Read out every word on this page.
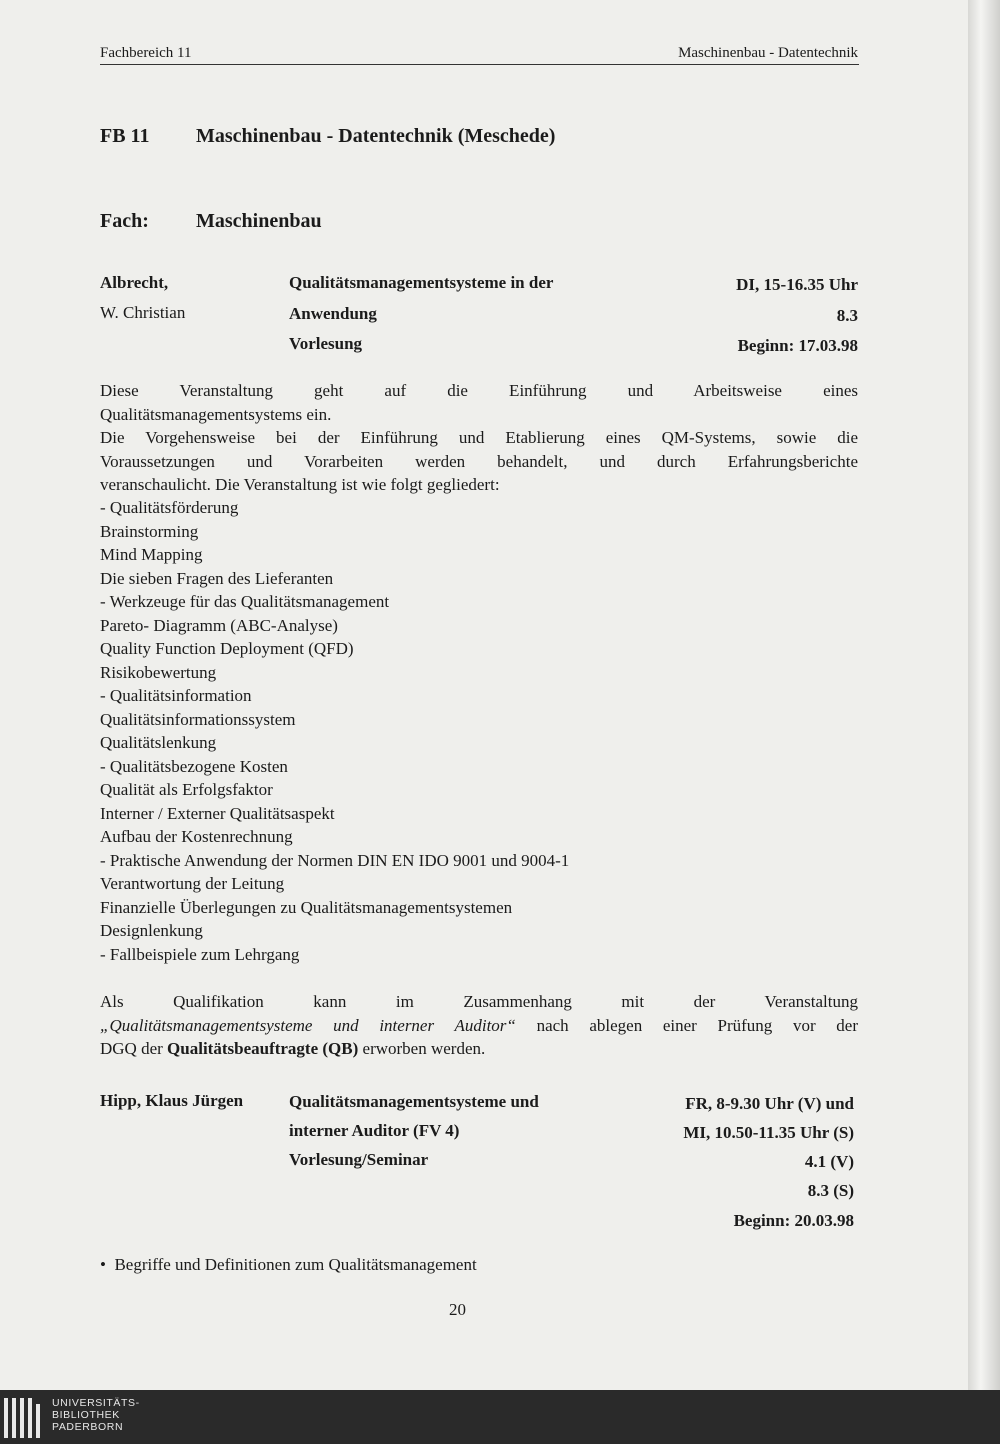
Fachbereich 11	Maschinenbau - Datentechnik
FB 11 Maschinenbau - Datentechnik (Meschede)
Fach: Maschinenbau
Albrecht,
W. Christian
Qualitätsmanagementsysteme in der
Anwendung
Vorlesung
DI, 15-16.35 Uhr
8.3
Beginn: 17.03.98
Diese Veranstaltung geht auf die Einführung und Arbeitsweise eines
Qualitätsmanagementsystems ein.
Die Vorgehensweise bei der Einführung und Etablierung eines QM-Systems, sowie die
Voraussetzungen und Vorarbeiten werden behandelt, und durch Erfahrungsberichte
veranschaulicht. Die Veranstaltung ist wie folgt gegliedert:
- Qualitätsförderung
Brainstorming
Mind Mapping
Die sieben Fragen des Lieferanten
- Werkzeuge für das Qualitätsmanagement
Pareto- Diagramm (ABC-Analyse)
Quality Function Deployment (QFD)
Risikobewertung
- Qualitätsinformation
Qualitätsinformationssystem
Qualitätslenkung
- Qualitätsbezogene Kosten
Qualität als Erfolgsfaktor
Interner / Externer Qualitätsaspekt
Aufbau der Kostenrechnung
- Praktische Anwendung der Normen DIN EN IDO 9001 und 9004-1
Verantwortung der Leitung
Finanzielle Überlegungen zu Qualitätsmanagementsystemen
Designlenkung
- Fallbeispiele zum Lehrgang
Als Qualifikation kann im Zusammenhang mit der Veranstaltung
„Qualitätsmanagementsysteme und interner Auditor“ nach ablegen einer Prüfung vor der
DGQ der Qualitätsbeauftragte (QB) erworben werden.
Hipp, Klaus Jürgen	Qualitätsmanagementsysteme und
interner Auditor (FV 4)
Vorlesung/Seminar
FR, 8-9.30 Uhr (V) und
MI, 10.50-11.35 Uhr (S)
4.1 (V)
8.3 (S)
Beginn: 20.03.98
• Begriffe und Definitionen zum Qualitätsmanagement
20
UNIVERSITÄTS-
BIBLIOTHEK
PADERBORN
